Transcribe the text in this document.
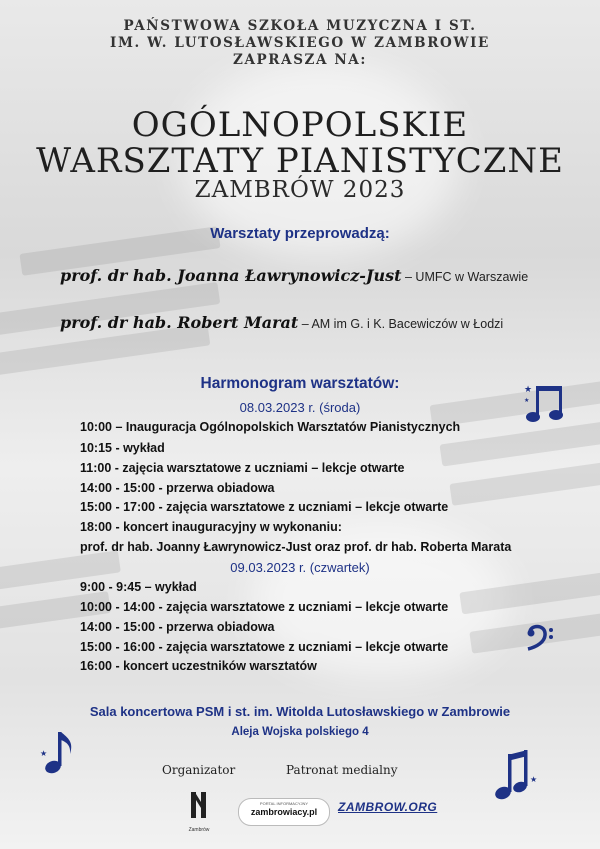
PAŃSTWOWA SZKOŁA MUZYCZNA I ST.
IM. W. LUTOSŁAWSKIEGO W ZAMBROWIE
ZAPRASZA NA:
OGÓLNOPOLSKIE
WARSZTATY PIANISTYCZNE
ZAMBRÓW 2023
Warsztaty przeprowadzą:
prof. dr hab. Joanna Ławrynowicz-Just – UMFC w Warszawie
prof. dr hab. Robert Marat – AM im G. i K. Bacewiczów w Łodzi
Harmonogram warsztatów:
08.03.2023 r. (środa)
10:00 – Inauguracja Ogólnopolskich Warsztatów Pianistycznych
10:15 - wykład
11:00 - zajęcia warsztatowe z uczniami – lekcje otwarte
14:00 - 15:00 - przerwa obiadowa
15:00 - 17:00 - zajęcia warsztatowe z uczniami – lekcje otwarte
18:00 - koncert inauguracyjny w wykonaniu:
prof. dr hab. Joanny Ławrynowicz-Just oraz prof. dr hab. Roberta Marata
09.03.2023 r. (czwartek)
9:00 - 9:45 – wykład
10:00 - 14:00 - zajęcia warsztatowe z uczniami – lekcje otwarte
14:00 - 15:00 - przerwa obiadowa
15:00 - 16:00 - zajęcia warsztatowe z uczniami – lekcje otwarte
16:00 - koncert uczestników warsztatów
Sala koncertowa PSM i st. im. Witolda Lutosławskiego w Zambrowie
Aleja Wojska polskiego 4
★
★
★
★
Organizator	Patronat medialny
Zambrów
PORTAL INFORMACYJNY
zambrowiacy.pl	ZAMBROW.ORG
